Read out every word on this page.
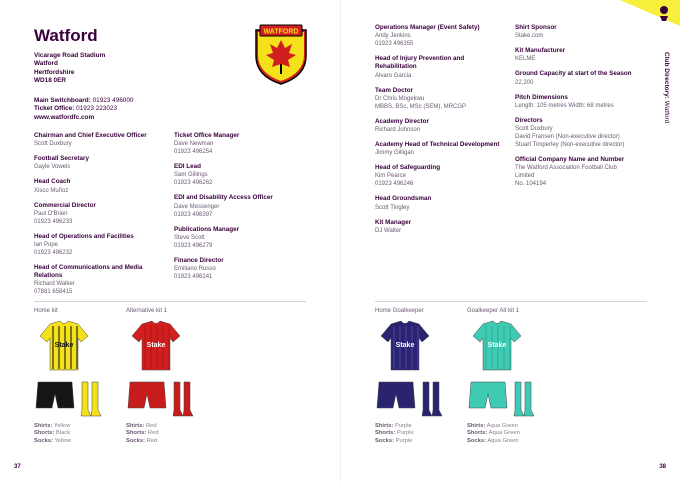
Watford	WATFORD
Vicarage Road Stadium
Watford
Hertfordshire
WD18 0ER
Main Switchboard: 01923 496000
Ticket Office: 01923 223023
www.watfordfc.com
Chairman and Chief Executive Officer
Scott Duxbury
Football Secretary
Gayle Vowels
Head Coach
Xisco Muñoz
Commercial Director
Paul O'Brien
01923 496233
Head of Operations and Facilities
Ian Pope
01923 496232
Head of Communications and Media Relations
Richard Walker
07881 658415
Ticket Office Manager
Dave Newman
01923 496254
EDI Lead
Sam Gillings
01923 496262
EDI and Disability Access Officer
Dave Messenger
01923 496397
Publications Manager
Steve Scott
01923 496279
Finance Director
Emiliano Russo
01923 496241
Home kit
Stake
Shirts: Yellow
Shorts: Black
Socks: Yellow
Alternative kit 1
Stake
Shirts: Red
Shorts: Red
Socks: Red
37
Operations Manager (Event Safety)
Andy Jenkins
01923 496355
Head of Injury Prevention and Rehabilitation
Alvaro Garcia
Team Doctor
Dr Chris Mogekwu
MBBS, BSc, MSc (SEM), MRCGP
Academy Director
Richard Johnson
Academy Head of Technical Development
Jimmy Gilligan
Head of Safeguarding
Kim Pearce
01923 496246
Head Groundsman
Scott Tingley
Kit Manager
DJ Walter
Shirt Sponsor
Stake.com
Kit Manufacturer
KELME
Ground Capacity at start of the Season
22,200
Pitch Dimensions
Length: 105 metres Width: 68 metres
Directors
Scott Duxbury
David Fransen (Non-executive director)
Stuart Timperley (Non-executive director)
Official Company Name and Number
The Watford Association Football Club
Limited
No. 104194
Club Directory: Watford
Home Goalkeeper
Stake
Shirts: Purple
Shorts: Purple
Socks: Purple
Goalkeeper Alt kit 1
Stake
Shirts: Aqua Green
Shorts: Aqua Green
Socks: Aqua Green
38
